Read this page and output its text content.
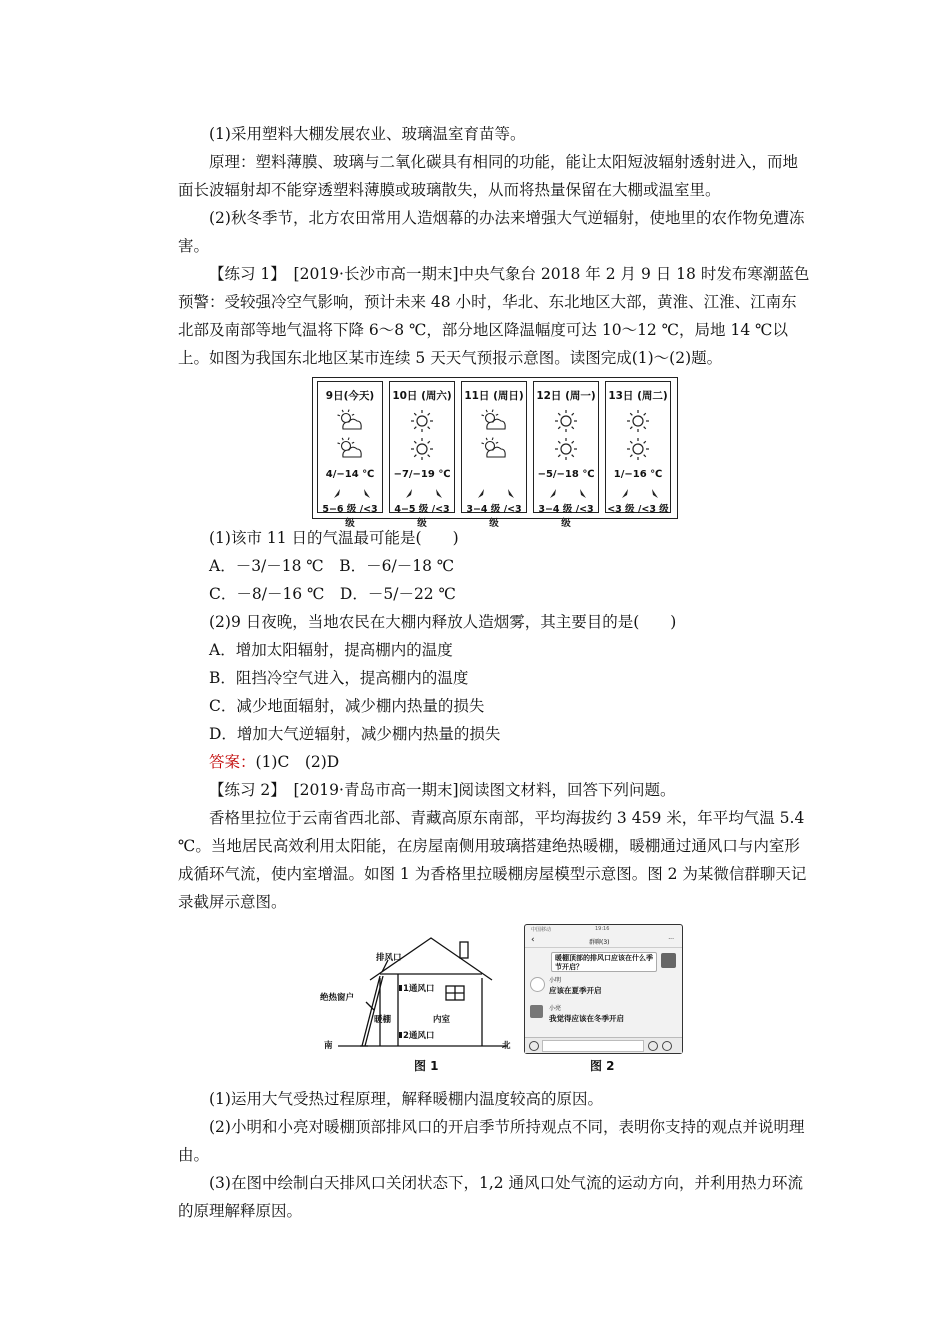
(1)采用塑料大棚发展农业、玻璃温室育苗等。
原理：塑料薄膜、玻璃与二氧化碳具有相同的功能，能让太阳短波辐射透射进入，而地面长波辐射却不能穿透塑料薄膜或玻璃散失，从而将热量保留在大棚或温室里。
(2)秋冬季节，北方农田常用人造烟幕的办法来增强大气逆辐射，使地里的农作物免遭冻害。
【练习 1】　[2019·长沙市高一期末]中央气象台 2018 年 2 月 9 日 18 时发布寒潮蓝色预警：受较强冷空气影响，预计未来 48 小时，华北、东北地区大部，黄淮、江淮、江南东北部及南部等地气温将下降 6～8 ℃，部分地区降温幅度可达 10～12 ℃，局地 14 ℃以上。如图为我国东北地区某市连续 5 天天气预报示意图。读图完成(1)～(2)题。
9日(今天)
4/−14 ℃
5−6 级 /<3 级
10日 (周六)
−7/−19 ℃
4−5 级 /<3 级
11日 (周日)
3−4 级 /<3 级
12日 (周一)
−5/−18 ℃
3−4 级 /<3 级
13日 (周二)
1/−16 ℃
<3 级 /<3 级
(1)该市 11 日的气温最可能是(　　)
A．－3/－18 ℃　B．－6/－18 ℃
C．－8/－16 ℃　D．－5/－22 ℃
(2)9 日夜晚，当地农民在大棚内释放人造烟雾，其主要目的是(　　)
A．增加太阳辐射，提高棚内的温度
B．阻挡冷空气进入，提高棚内的温度
C．减少地面辐射，减少棚内热量的损失
D．增加大气逆辐射，减少棚内热量的损失
答案：(1)C　(2)D
【练习 2】　[2019·青岛市高一期末]阅读图文材料，回答下列问题。
香格里拉位于云南省西北部、青藏高原东南部，平均海拔约 3 459 米，年平均气温 5.4 ℃。当地居民高效利用太阳能，在房屋南侧用玻璃搭建绝热暖棚，暖棚通过通风口与内室形成循环气流，使内室增温。如图 1 为香格里拉暖棚房屋模型示意图。图 2 为某微信群聊天记录截屏示意图。
排风口
绝热窗户
南	北
暖棚	内室
1通风口
2通风口
中国移动	19:16
‹	群聊(3)	···
暖棚顶部的排风口应该在什么季节开启？
小明
应该在夏季开启
小亮
我觉得应该在冬季开启
图 1	图 2
(1)运用大气受热过程原理，解释暖棚内温度较高的原因。
(2)小明和小亮对暖棚顶部排风口的开启季节所持观点不同，表明你支持的观点并说明理由。
(3)在图中绘制白天排风口关闭状态下，1,2 通风口处气流的运动方向，并利用热力环流的原理解释原因。
